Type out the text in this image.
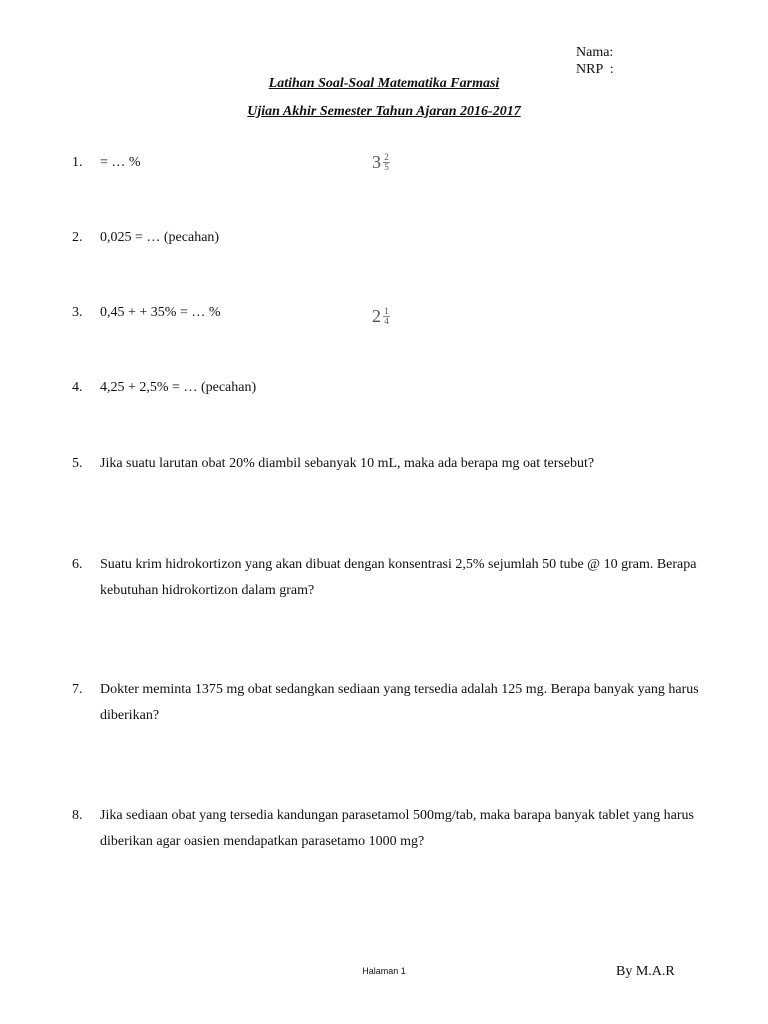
Nama:
NRP  :
Latihan Soal-Soal Matematika Farmasi
Ujian Akhir Semester Tahun Ajaran 2016-2017
1. = … %	$3 \frac{2}{5}$
2. 0,025 = … (pecahan)
3. 0,45 + + 35% = … %	$2 \frac{1}{4}$
4. 4,25 + 2,5% = … (pecahan)
5. Jika suatu larutan obat 20% diambil sebanyak 10 mL, maka ada berapa mg oat tersebut?
6. Suatu krim hidrokortizon yang akan dibuat dengan konsentrasi 2,5% sejumlah 50 tube @ 10 gram. Berapa kebutuhan hidrokortizon dalam gram?
7. Dokter meminta 1375 mg obat sedangkan sediaan yang tersedia adalah 125 mg. Berapa banyak yang harus diberikan?
8. Jika sediaan obat yang tersedia kandungan parasetamol 500mg/tab, maka barapa banyak tablet yang harus diberikan agar oasien mendapatkan parasetamo 1000 mg?
Halaman 1	By M.A.R
